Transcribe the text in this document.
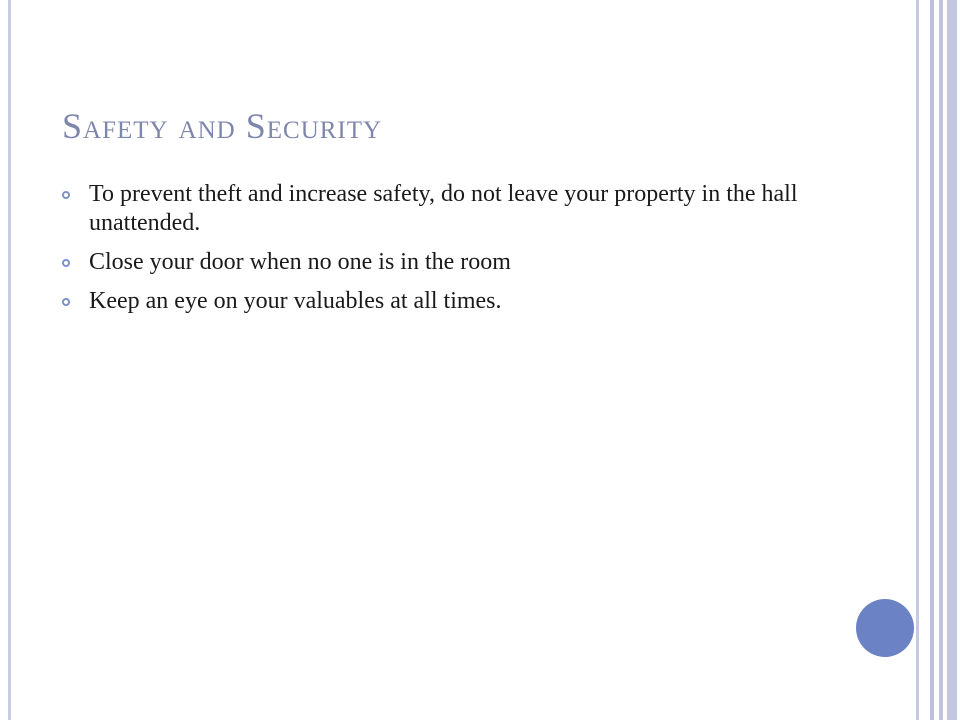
Safety and Security
To prevent theft and increase safety, do not leave your property in the hall unattended.
Close your door when no one is in the room
Keep an eye on your valuables at all times.
